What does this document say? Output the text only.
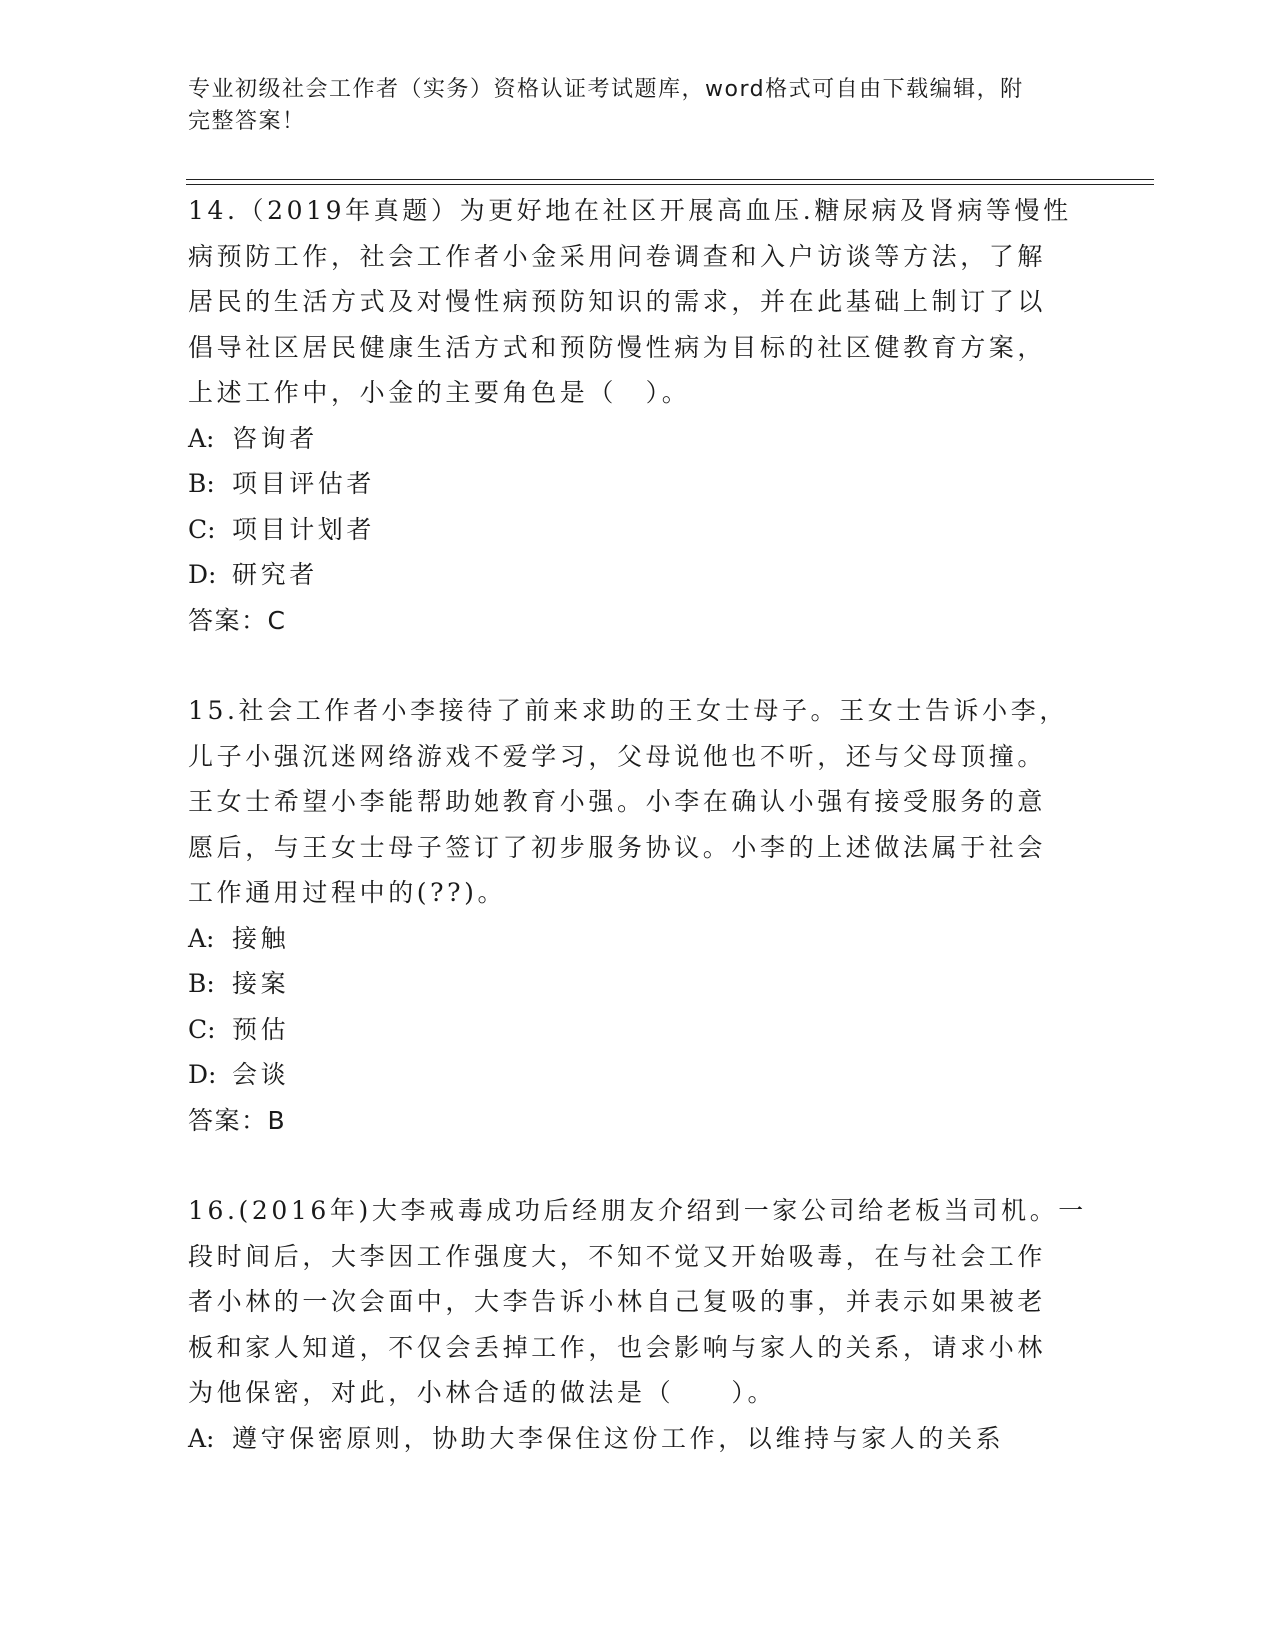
专业初级社会工作者（实务）资格认证考试题库，word格式可自由下载编辑，附
完整答案！

14.（2019年真题）为更好地在社区开展高血压.糖尿病及肾病等慢性

病预防工作，社会工作者小金采用问卷调查和入户访谈等方法，了解

居民的生活方式及对慢性病预防知识的需求，并在此基础上制订了以

倡导社区居民健康生活方式和预防慢性病为目标的社区健教育方案，

上述工作中，小金的主要角色是（　）。

A: 咨询者

B: 项目评估者

C: 项目计划者

D: 研究者

答案：C

15.社会工作者小李接待了前来求助的王女士母子。王女士告诉小李，

儿子小强沉迷网络游戏不爱学习，父母说他也不听，还与父母顶撞。

王女士希望小李能帮助她教育小强。小李在确认小强有接受服务的意

愿后，与王女士母子签订了初步服务协议。小李的上述做法属于社会

工作通用过程中的(??)。

A: 接触

B: 接案

C: 预估

D: 会谈

答案：B

16.(2016年)大李戒毒成功后经朋友介绍到一家公司给老板当司机。一

段时间后，大李因工作强度大，不知不觉又开始吸毒，在与社会工作

者小林的一次会面中，大李告诉小林自己复吸的事，并表示如果被老

板和家人知道，不仅会丢掉工作，也会影响与家人的关系，请求小林

为他保密，对此，小林合适的做法是（　　）。

A: 遵守保密原则，协助大李保住这份工作，以维持与家人的关系
